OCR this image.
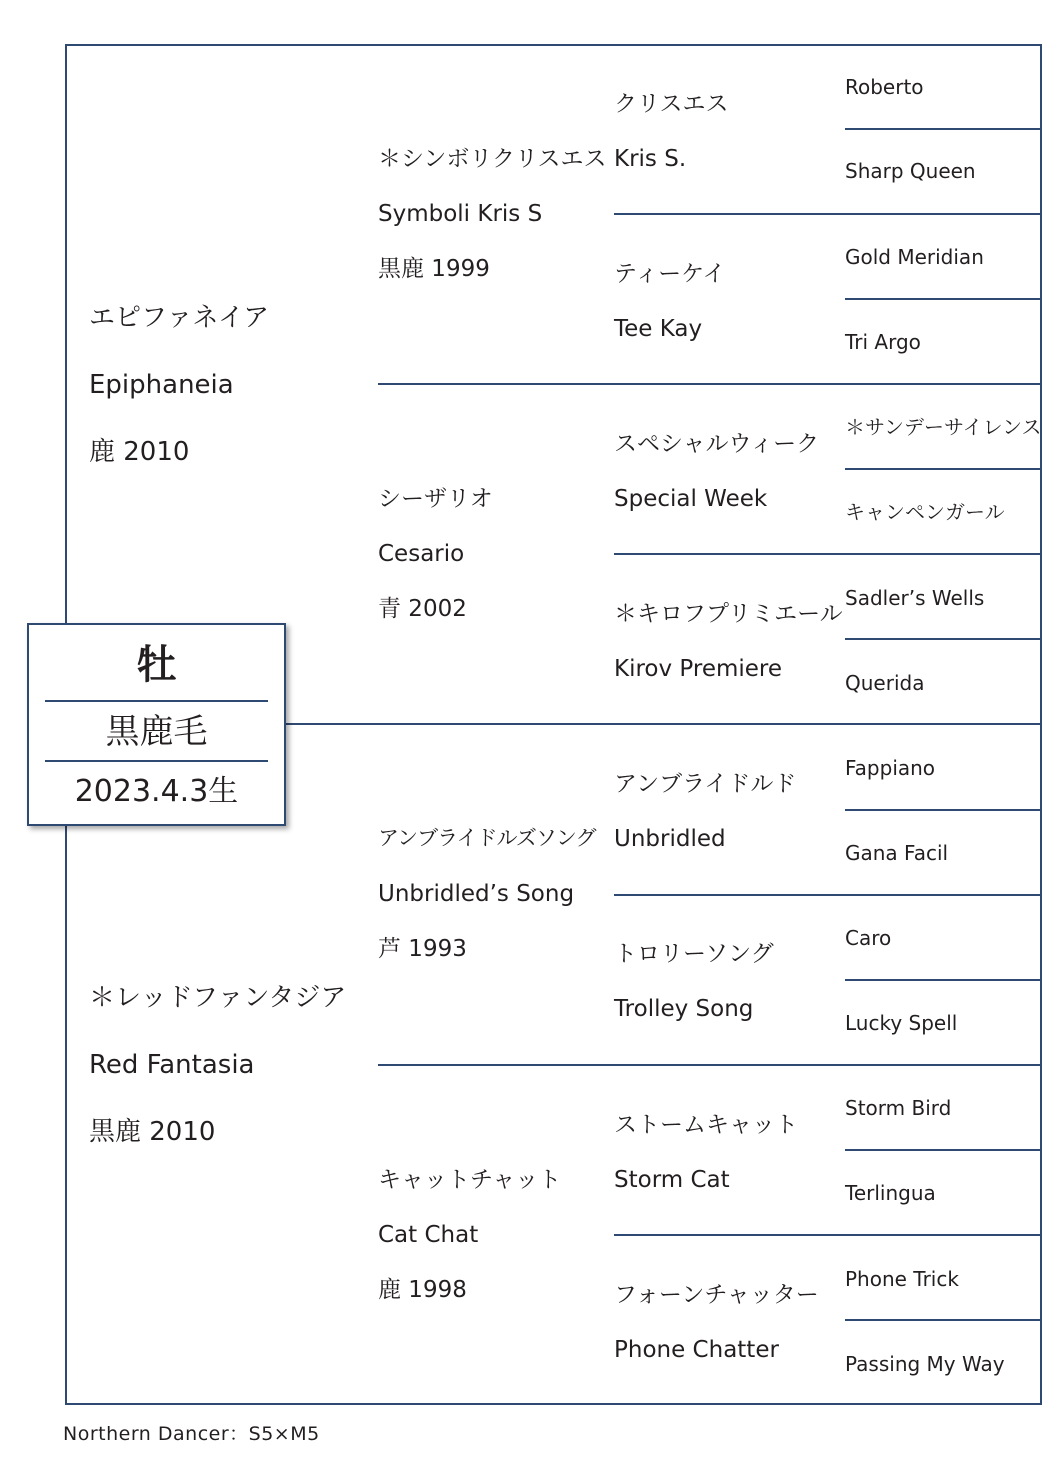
エピファネイア
Epiphaneia
鹿 2010
＊レッドファンタジア
Red Fantasia
黒鹿 2010
＊シンボリクリスエス
Symboli Kris S
黒鹿 1999
シーザリオ
Cesario
青 2002
アンブライドルズソング
Unbridled’s Song
芦 1993
キャットチャット
Cat Chat
鹿 1998
クリスエス
Kris S.
ティーケイ
Tee Kay
スペシャルウィーク
Special Week
＊キロフプリミエール
Kirov Premiere
アンブライドルド
Unbridled
トロリーソング
Trolley Song
ストームキャット
Storm Cat
フォーンチャッター
Phone Chatter
Roberto
Sharp Queen
Gold Meridian
Tri Argo
＊サンデーサイレンス
キャンペンガール
Sadler’s Wells
Querida
Fappiano
Gana Facil
Caro
Lucky Spell
Storm Bird
Terlingua
Phone Trick
Passing My Way
牡
黒鹿毛
2023.4.3生
Northern Dancer：S5×M5
